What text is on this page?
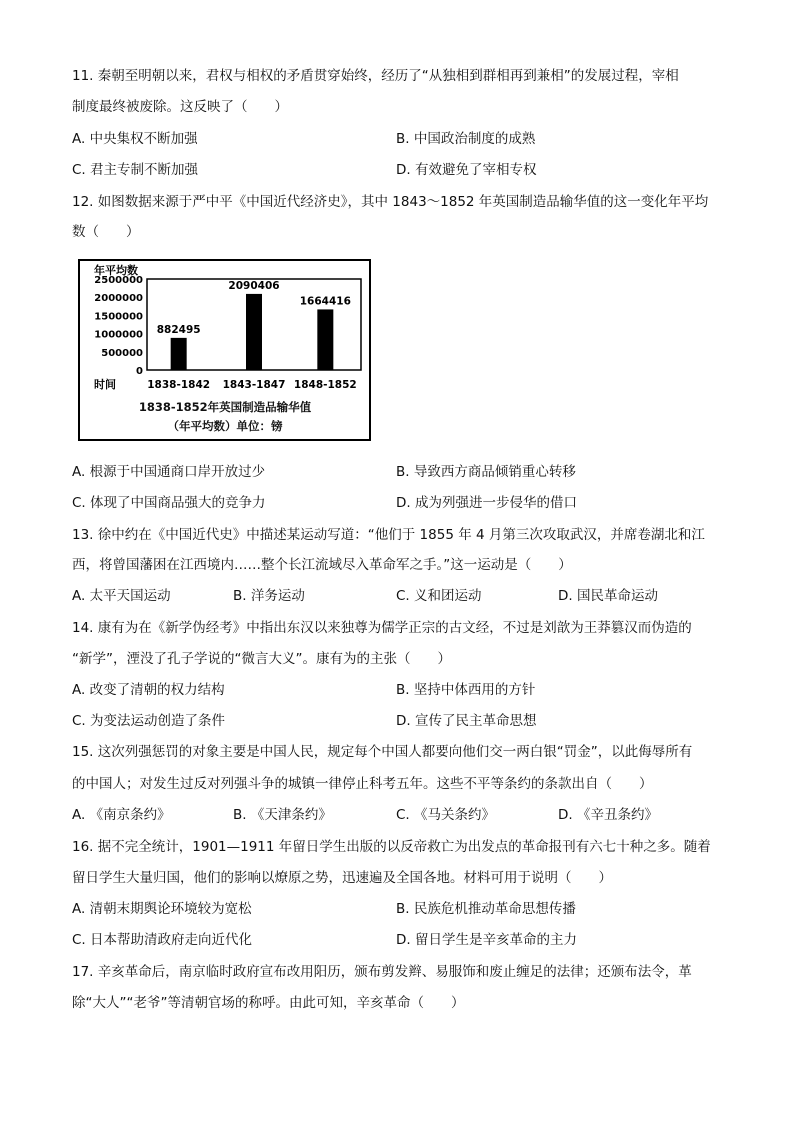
11. 秦朝至明朝以来，君权与相权的矛盾贯穿始终，经历了“从独相到群相再到兼相”的发展过程，宰相
制度最终被废除。这反映了（　　）
A. 中央集权不断加强	B. 中国政治制度的成熟
C. 君主专制不断加强	D. 有效避免了宰相专权
12. 如图数据来源于严中平《中国近代经济史》，其中 1843～1852 年英国制造品输华值的这一变化年平均
数（　　）
年平均数
2500000
2000000
1500000
1000000
500000
0
882495
1838-1842
2090406
1843-1847
1664416
1848-1852
时间
1838-1852年英国制造品输华值
（年平均数）单位：镑
A. 根源于中国通商口岸开放过少	B. 导致西方商品倾销重心转移
C. 体现了中国商品强大的竞争力	D. 成为列强进一步侵华的借口
13. 徐中约在《中国近代史》中描述某运动写道：“他们于 1855 年 4 月第三次攻取武汉，并席卷湖北和江
西，将曾国藩困在江西境内……整个长江流域尽入革命军之手。”这一运动是（　　）
A. 太平天国运动	B. 洋务运动	C. 义和团运动	D. 国民革命运动
14. 康有为在《新学伪经考》中指出东汉以来独尊为儒学正宗的古文经，不过是刘歆为王莽篡汉而伪造的
“新学”，湮没了孔子学说的“微言大义”。康有为的主张（　　）
A. 改变了清朝的权力结构	B. 坚持中体西用的方针
C. 为变法运动创造了条件	D. 宣传了民主革命思想
15. 这次列强惩罚的对象主要是中国人民，规定每个中国人都要向他们交一两白银“罚金”，以此侮辱所有
的中国人；对发生过反对列强斗争的城镇一律停止科考五年。这些不平等条约的条款出自（　　）
A. 《南京条约》	B. 《天津条约》	C. 《马关条约》	D. 《辛丑条约》
16. 据不完全统计，1901—1911 年留日学生出版的以反帝救亡为出发点的革命报刊有六七十种之多。随着
留日学生大量归国，他们的影响以燎原之势，迅速遍及全国各地。材料可用于说明（　　）
A. 清朝末期舆论环境较为宽松	B. 民族危机推动革命思想传播
C. 日本帮助清政府走向近代化	D. 留日学生是辛亥革命的主力
17. 辛亥革命后，南京临时政府宣布改用阳历，颁布剪发辫、易服饰和废止缠足的法律；还颁布法令，革
除“大人”“老爷”等清朝官场的称呼。由此可知，辛亥革命（　　）
